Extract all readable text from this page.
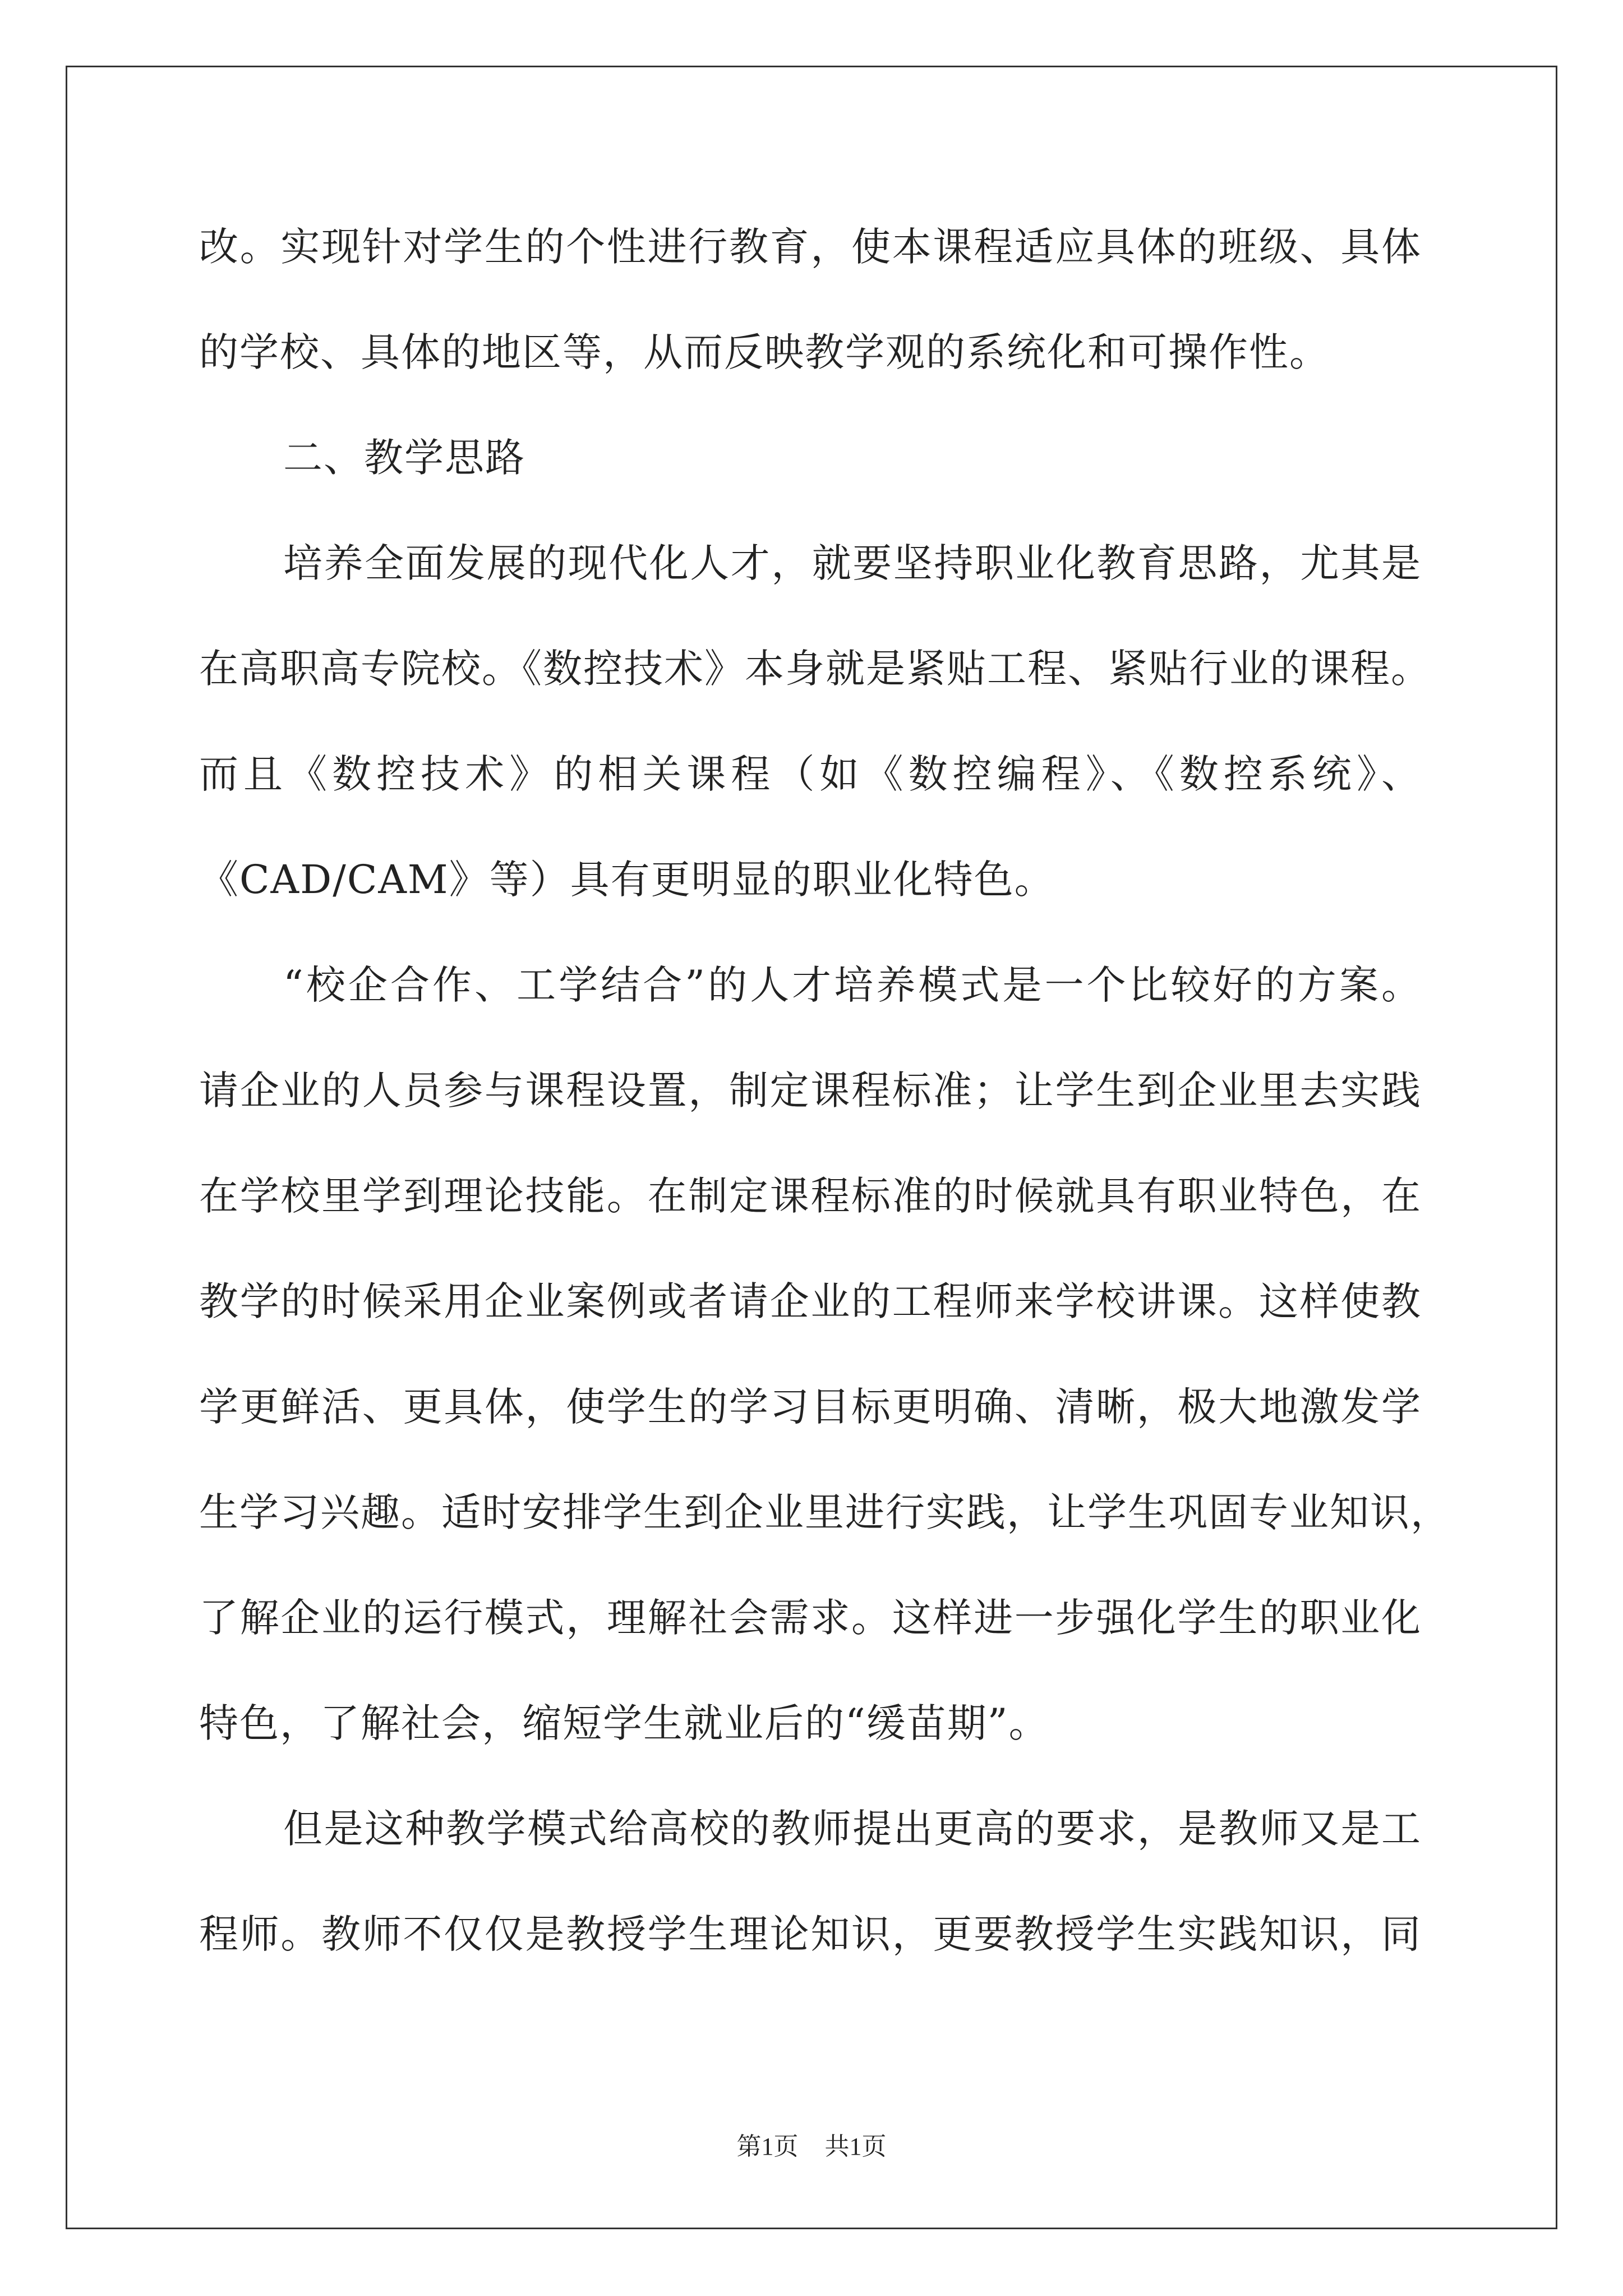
改。实现针对学生的个性进行教育，使本课程适应具体的班级、具体
的学校、具体的地区等，从而反映教学观的系统化和可操作性。
二、教学思路
培养全面发展的现代化人才，就要坚持职业化教育思路，尤其是
在高职高专院校。《数控技术》本身就是紧贴工程、紧贴行业的课程。
而且《数控技术》的相关课程（如《数控编程》、《数控系统》、
《CAD/CAM》等）具有更明显的职业化特色。
“校企合作、工学结合”的人才培养模式是一个比较好的方案。
请企业的人员参与课程设置，制定课程标准；让学生到企业里去实践
在学校里学到理论技能。在制定课程标准的时候就具有职业特色，在
教学的时候采用企业案例或者请企业的工程师来学校讲课。这样使教
学更鲜活、更具体，使学生的学习目标更明确、清晰，极大地激发学
生学习兴趣。适时安排学生到企业里进行实践，让学生巩固专业知识，
了解企业的运行模式，理解社会需求。这样进一步强化学生的职业化
特色，了解社会，缩短学生就业后的“缓苗期”。
但是这种教学模式给高校的教师提出更高的要求，是教师又是工
程师。教师不仅仅是教授学生理论知识，更要教授学生实践知识，同
第1页 共1页
